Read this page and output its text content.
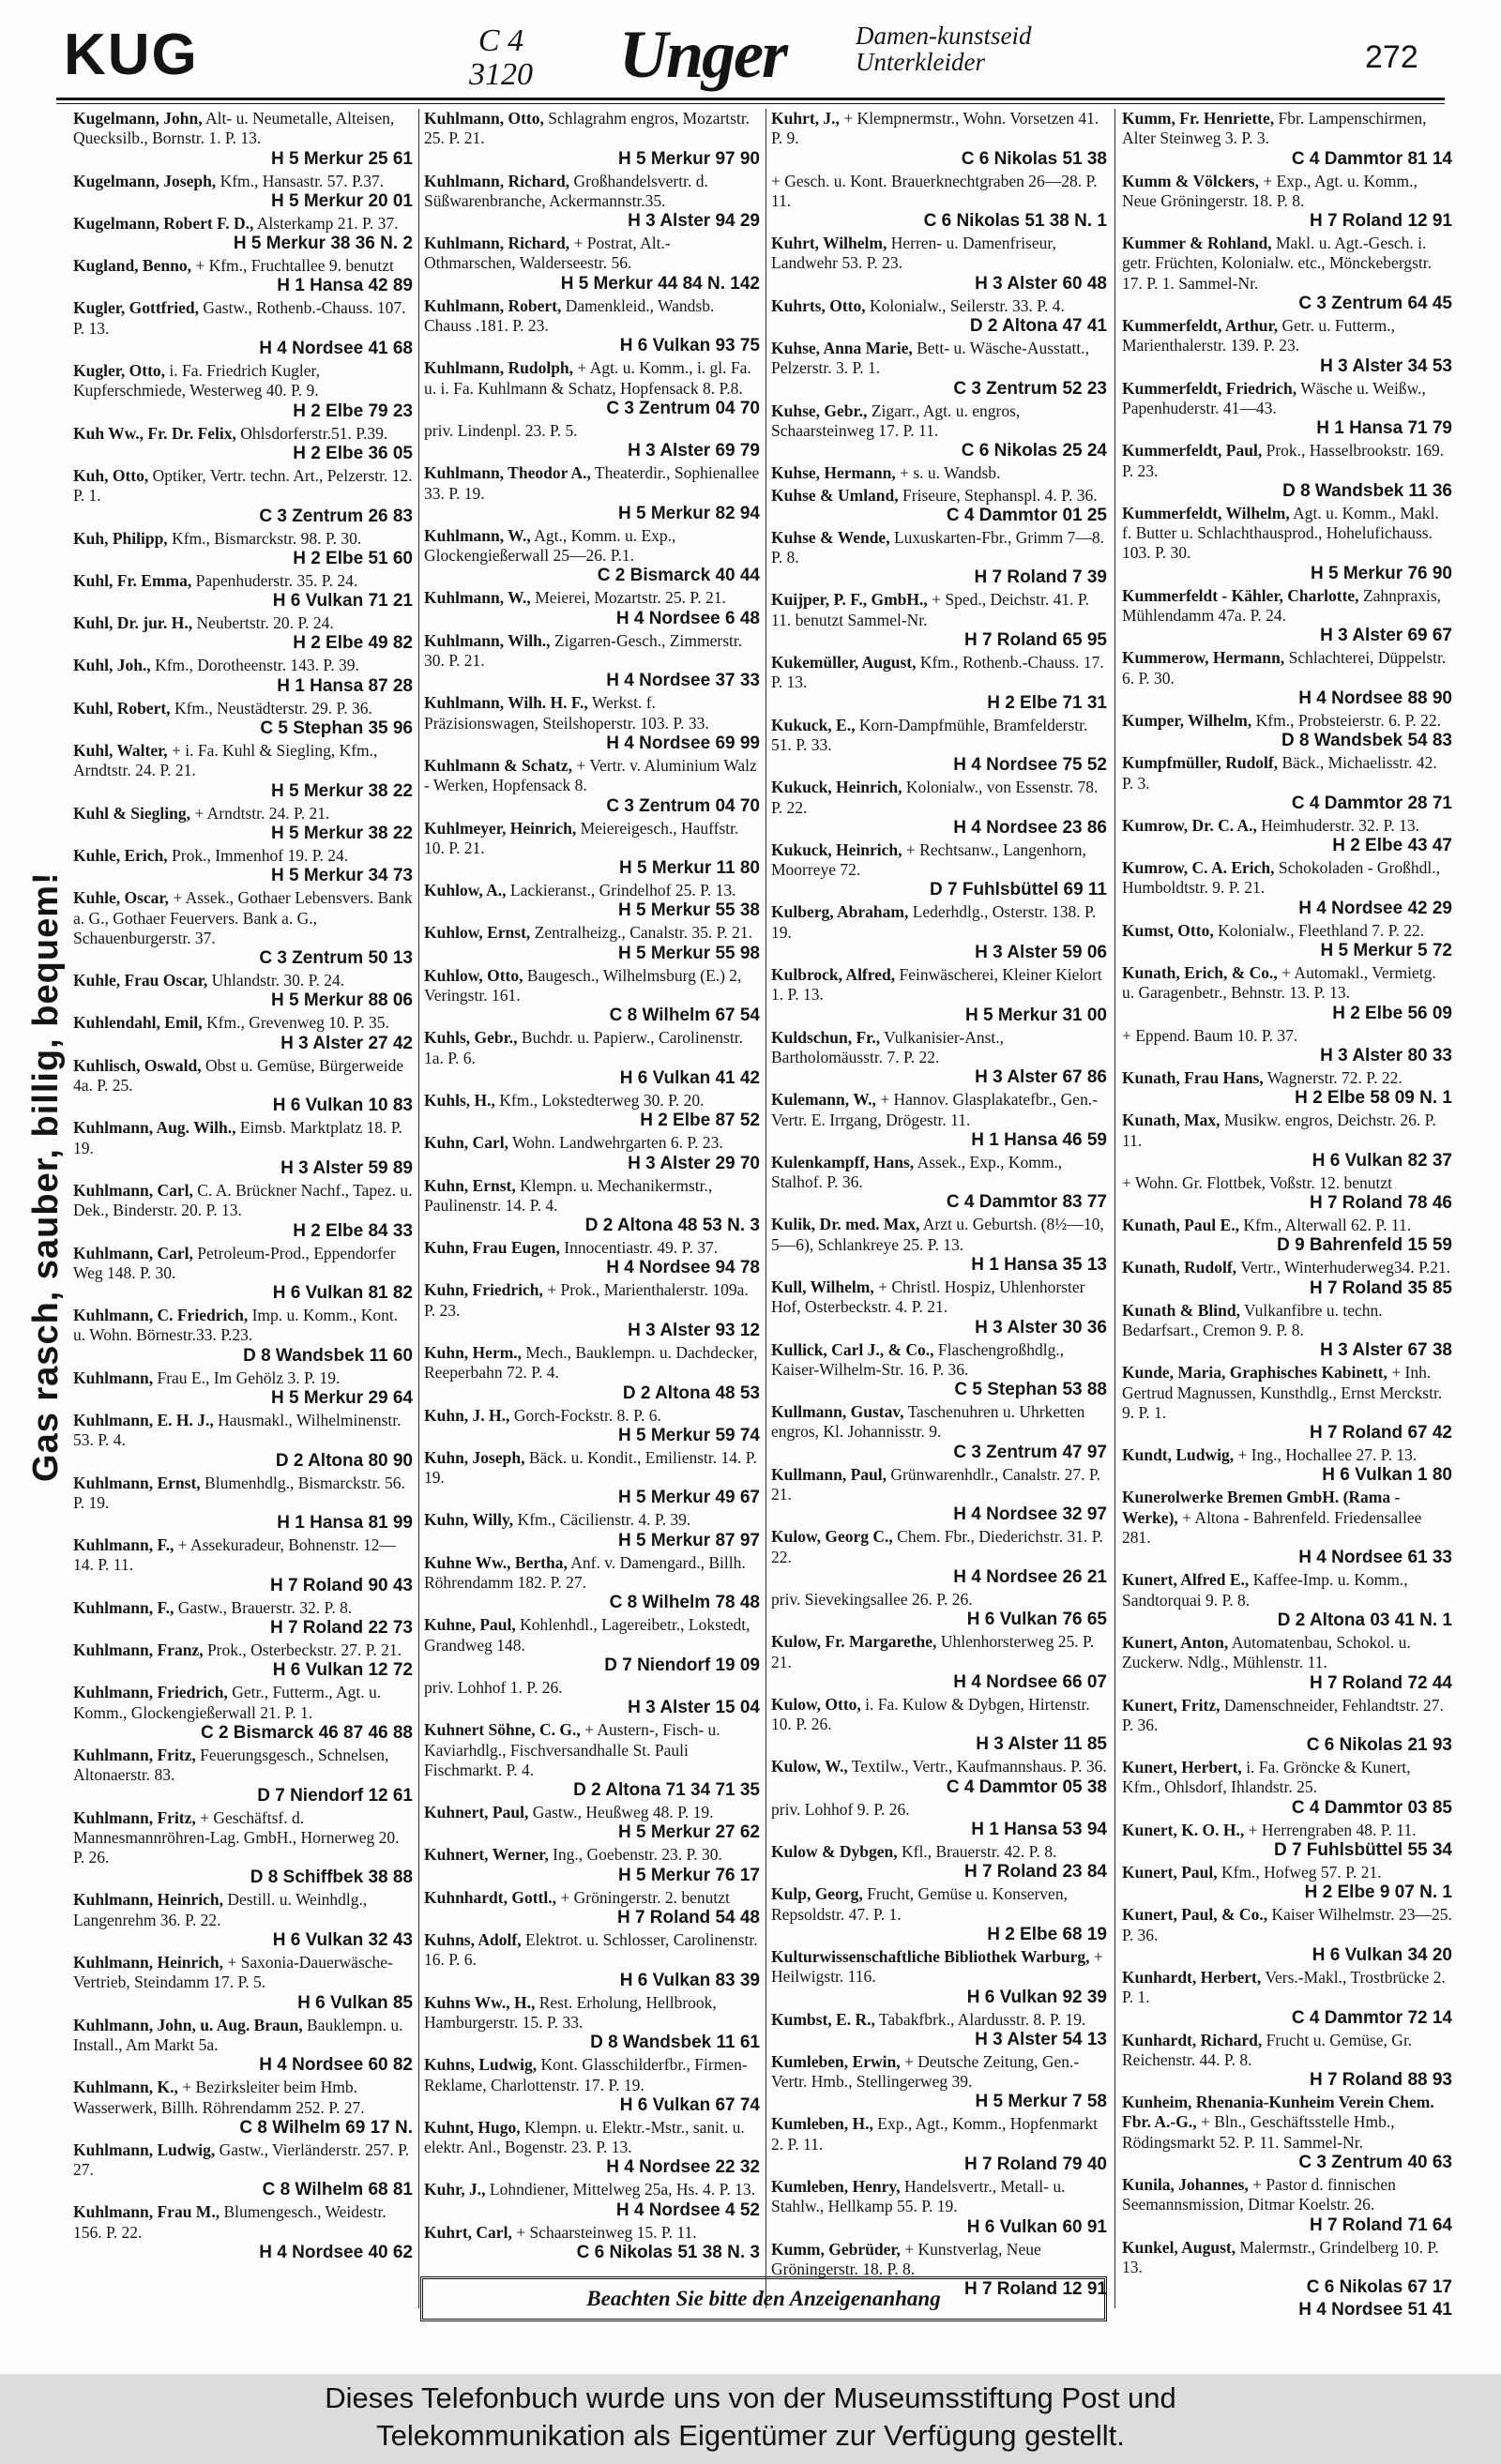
KUG	C 4
3120 Unger	Damen-kunstseid
Unterkleider	272
Gas rasch, sauber, billig, bequem!
Kugelmann, John, Alt- u. Neumetalle, Alteisen, Quecksilb., Bornstr. 1. P. 13.
H 5 Merkur 25 61
Kugelmann, Joseph, Kfm., Hansastr. 57. P.37.
H 5 Merkur 20 01
Kugelmann, Robert F. D., Alsterkamp 21. P. 37.
H 5 Merkur 38 36 N. 2
Kugland, Benno, + Kfm., Fruchtallee 9. benutzt
H 1 Hansa 42 89
Kugler, Gottfried, Gastw., Rothenb.-Chauss. 107. P. 13.
H 4 Nordsee 41 68
Kugler, Otto, i. Fa. Friedrich Kugler, Kupferschmiede, Westerweg 40. P. 9.
H 2 Elbe 79 23
Kuh Ww., Fr. Dr. Felix, Ohlsdorferstr.51. P.39.
H 2 Elbe 36 05
Kuh, Otto, Optiker, Vertr. techn. Art., Pelzerstr. 12. P. 1.
C 3 Zentrum 26 83
Kuh, Philipp, Kfm., Bismarckstr. 98. P. 30.
H 2 Elbe 51 60
Kuhl, Fr. Emma, Papenhuderstr. 35. P. 24.
H 6 Vulkan 71 21
Kuhl, Dr. jur. H., Neubertstr. 20. P. 24.
H 2 Elbe 49 82
Kuhl, Joh., Kfm., Dorotheenstr. 143. P. 39.
H 1 Hansa 87 28
Kuhl, Robert, Kfm., Neustädterstr. 29. P. 36.
C 5 Stephan 35 96
Kuhl, Walter, + i. Fa. Kuhl & Siegling, Kfm., Arndtstr. 24. P. 21.
H 5 Merkur 38 22
Kuhl & Siegling, + Arndtstr. 24. P. 21.
H 5 Merkur 38 22
Kuhle, Erich, Prok., Immenhof 19. P. 24.
H 5 Merkur 34 73
Kuhle, Oscar, + Assek., Gothaer Lebensvers. Bank a. G., Gothaer Feuervers. Bank a. G., Schauenburgerstr. 37.
C 3 Zentrum 50 13
Kuhle, Frau Oscar, Uhlandstr. 30. P. 24.
H 5 Merkur 88 06
Kuhlendahl, Emil, Kfm., Grevenweg 10. P. 35.
H 3 Alster 27 42
Kuhlisch, Oswald, Obst u. Gemüse, Bürgerweide 4a. P. 25.
H 6 Vulkan 10 83
Kuhlmann, Aug. Wilh., Eimsb. Marktplatz 18. P. 19.
H 3 Alster 59 89
Kuhlmann, Carl, C. A. Brückner Nachf., Tapez. u. Dek., Binderstr. 20. P. 13.
H 2 Elbe 84 33
Kuhlmann, Carl, Petroleum-Prod., Eppendorfer Weg 148. P. 30.
H 6 Vulkan 81 82
Kuhlmann, C. Friedrich, Imp. u. Komm., Kont. u. Wohn. Börnestr.33. P.23.
D 8 Wandsbek 11 60
Kuhlmann, Frau E., Im Gehölz 3. P. 19.
H 5 Merkur 29 64
Kuhlmann, E. H. J., Hausmakl., Wilhelminenstr. 53. P. 4.
D 2 Altona 80 90
Kuhlmann, Ernst, Blumenhdlg., Bismarckstr. 56. P. 19.
H 1 Hansa 81 99
Kuhlmann, F., + Assekuradeur, Bohnenstr. 12—14. P. 11.
H 7 Roland 90 43
Kuhlmann, F., Gastw., Brauerstr. 32. P. 8.
H 7 Roland 22 73
Kuhlmann, Franz, Prok., Osterbeckstr. 27. P. 21.
H 6 Vulkan 12 72
Kuhlmann, Friedrich, Getr., Futterm., Agt. u. Komm., Glockengießerwall 21. P. 1.
C 2 Bismarck 46 87 46 88
Kuhlmann, Fritz, Feuerungsgesch., Schnelsen, Altonaerstr. 83.
D 7 Niendorf 12 61
Kuhlmann, Fritz, + Geschäftsf. d. Mannesmannröhren-Lag. GmbH., Hornerweg 20. P. 26.
D 8 Schiffbek 38 88
Kuhlmann, Heinrich, Destill. u. Weinhdlg., Langenrehm 36. P. 22.
H 6 Vulkan 32 43
Kuhlmann, Heinrich, + Saxonia-Dauerwäsche-Vertrieb, Steindamm 17. P. 5.
H 6 Vulkan 85
Kuhlmann, John, u. Aug. Braun, Bauklempn. u. Install., Am Markt 5a.
H 4 Nordsee 60 82
Kuhlmann, K., + Bezirksleiter beim Hmb. Wasserwerk, Billh. Röhrendamm 252. P. 27.
C 8 Wilhelm 69 17 N.
Kuhlmann, Ludwig, Gastw., Vierländerstr. 257. P. 27.
C 8 Wilhelm 68 81
Kuhlmann, Frau M., Blumengesch., Weidestr. 156. P. 22.
H 4 Nordsee 40 62
Kuhlmann, Otto, Schlagrahm engros, Mozartstr. 25. P. 21.
H 5 Merkur 97 90
Kuhlmann, Richard, Großhandelsvertr. d. Süßwarenbranche, Ackermannstr.35.
H 3 Alster 94 29
Kuhlmann, Richard, + Postrat, Alt.-Othmarschen, Walderseestr. 56.
H 5 Merkur 44 84 N. 142
Kuhlmann, Robert, Damenkleid., Wandsb. Chauss .181. P. 23.
H 6 Vulkan 93 75
Kuhlmann, Rudolph, + Agt. u. Komm., i. gl. Fa. u. i. Fa. Kuhlmann & Schatz, Hopfensack 8. P.8.
C 3 Zentrum 04 70
priv. Lindenpl. 23. P. 5.
H 3 Alster 69 79
Kuhlmann, Theodor A., Theaterdir., Sophienallee 33. P. 19.
H 5 Merkur 82 94
Kuhlmann, W., Agt., Komm. u. Exp., Glockengießerwall 25—26. P.1.
C 2 Bismarck 40 44
Kuhlmann, W., Meierei, Mozartstr. 25. P. 21.
H 4 Nordsee 6 48
Kuhlmann, Wilh., Zigarren-Gesch., Zimmerstr. 30. P. 21.
H 4 Nordsee 37 33
Kuhlmann, Wilh. H. F., Werkst. f. Präzisionswagen, Steilshoperstr. 103. P. 33.
H 4 Nordsee 69 99
Kuhlmann & Schatz, + Vertr. v. Aluminium Walz - Werken, Hopfensack 8.
C 3 Zentrum 04 70
Kuhlmeyer, Heinrich, Meiereigesch., Hauffstr. 10. P. 21.
H 5 Merkur 11 80
Kuhlow, A., Lackieranst., Grindelhof 25. P. 13.
H 5 Merkur 55 38
Kuhlow, Ernst, Zentralheizg., Canalstr. 35. P. 21.
H 5 Merkur 55 98
Kuhlow, Otto, Baugesch., Wilhelmsburg (E.) 2, Veringstr. 161.
C 8 Wilhelm 67 54
Kuhls, Gebr., Buchdr. u. Papierw., Carolinenstr. 1a. P. 6.
H 6 Vulkan 41 42
Kuhls, H., Kfm., Lokstedterweg 30. P. 20.
H 2 Elbe 87 52
Kuhn, Carl, Wohn. Landwehrgarten 6. P. 23.
H 3 Alster 29 70
Kuhn, Ernst, Klempn. u. Mechanikermstr., Paulinenstr. 14. P. 4.
D 2 Altona 48 53 N. 3
Kuhn, Frau Eugen, Innocentiastr. 49. P. 37.
H 4 Nordsee 94 78
Kuhn, Friedrich, + Prok., Marienthalerstr. 109a. P. 23.
H 3 Alster 93 12
Kuhn, Herm., Mech., Bauklempn. u. Dachdecker, Reeperbahn 72. P. 4.
D 2 Altona 48 53
Kuhn, J. H., Gorch-Fockstr. 8. P. 6.
H 5 Merkur 59 74
Kuhn, Joseph, Bäck. u. Kondit., Emilienstr. 14. P. 19.
H 5 Merkur 49 67
Kuhn, Willy, Kfm., Cäcilienstr. 4. P. 39.
H 5 Merkur 87 97
Kuhne Ww., Bertha, Anf. v. Damengard., Billh. Röhrendamm 182. P. 27.
C 8 Wilhelm 78 48
Kuhne, Paul, Kohlenhdl., Lagereibetr., Lokstedt, Grandweg 148.
D 7 Niendorf 19 09
priv. Lohhof 1. P. 26.
H 3 Alster 15 04
Kuhnert Söhne, C. G., + Austern-, Fisch- u. Kaviarhdlg., Fischversandhalle St. Pauli Fischmarkt. P. 4.
D 2 Altona 71 34 71 35
Kuhnert, Paul, Gastw., Heußweg 48. P. 19.
H 5 Merkur 27 62
Kuhnert, Werner, Ing., Goebenstr. 23. P. 30.
H 5 Merkur 76 17
Kuhnhardt, Gottl., + Gröningerstr. 2. benutzt
H 7 Roland 54 48
Kuhns, Adolf, Elektrot. u. Schlosser, Carolinenstr. 16. P. 6.
H 6 Vulkan 83 39
Kuhns Ww., H., Rest. Erholung, Hellbrook, Hamburgerstr. 15. P. 33.
D 8 Wandsbek 11 61
Kuhns, Ludwig, Kont. Glasschilderfbr., Firmen-Reklame, Charlottenstr. 17. P. 19.
H 6 Vulkan 67 74
Kuhnt, Hugo, Klempn. u. Elektr.-Mstr., sanit. u. elektr. Anl., Bogenstr. 23. P. 13.
H 4 Nordsee 22 32
Kuhr, J., Lohndiener, Mittelweg 25a, Hs. 4. P. 13.
H 4 Nordsee 4 52
Kuhrt, Carl, + Schaarsteinweg 15. P. 11.
C 6 Nikolas 51 38 N. 3
Kuhrt, J., + Klempnermstr., Wohn. Vorsetzen 41. P. 9.
C 6 Nikolas 51 38
+ Gesch. u. Kont. Brauerknechtgraben 26—28. P. 11.
C 6 Nikolas 51 38 N. 1
Kuhrt, Wilhelm, Herren- u. Damenfriseur, Landwehr 53. P. 23.
H 3 Alster 60 48
Kuhrts, Otto, Kolonialw., Seilerstr. 33. P. 4.
D 2 Altona 47 41
Kuhse, Anna Marie, Bett- u. Wäsche-Ausstatt., Pelzerstr. 3. P. 1.
C 3 Zentrum 52 23
Kuhse, Gebr., Zigarr., Agt. u. engros, Schaarsteinweg 17. P. 11.
C 6 Nikolas 25 24
Kuhse, Hermann, + s. u. Wandsb.
Kuhse & Umland, Friseure, Stephanspl. 4. P. 36.
C 4 Dammtor 01 25
Kuhse & Wende, Luxuskarten-Fbr., Grimm 7—8. P. 8.
H 7 Roland 7 39
Kuijper, P. F., GmbH., + Sped., Deichstr. 41. P. 11. benutzt Sammel-Nr.
H 7 Roland 65 95
Kukemüller, August, Kfm., Rothenb.-Chauss. 17. P. 13.
H 2 Elbe 71 31
Kukuck, E., Korn-Dampfmühle, Bramfelderstr. 51. P. 33.
H 4 Nordsee 75 52
Kukuck, Heinrich, Kolonialw., von Essenstr. 78. P. 22.
H 4 Nordsee 23 86
Kukuck, Heinrich, + Rechtsanw., Langenhorn, Moorreye 72.
D 7 Fuhlsbüttel 69 11
Kulberg, Abraham, Lederhdlg., Osterstr. 138. P. 19.
H 3 Alster 59 06
Kulbrock, Alfred, Feinwäscherei, Kleiner Kielort 1. P. 13.
H 5 Merkur 31 00
Kuldschun, Fr., Vulkanisier-Anst., Bartholomäusstr. 7. P. 22.
H 3 Alster 67 86
Kulemann, W., + Hannov. Glasplakatefbr., Gen.-Vertr. E. Irrgang, Drögestr. 11.
H 1 Hansa 46 59
Kulenkampff, Hans, Assek., Exp., Komm., Stalhof. P. 36.
C 4 Dammtor 83 77
Kulik, Dr. med. Max, Arzt u. Geburtsh. (8½—10, 5—6), Schlankreye 25. P. 13.
H 1 Hansa 35 13
Kull, Wilhelm, + Christl. Hospiz, Uhlenhorster Hof, Osterbeckstr. 4. P. 21.
H 3 Alster 30 36
Kullick, Carl J., & Co., Flaschengroßhdlg., Kaiser-Wilhelm-Str. 16. P. 36.
C 5 Stephan 53 88
Kullmann, Gustav, Taschenuhren u. Uhrketten engros, Kl. Johannisstr. 9.
C 3 Zentrum 47 97
Kullmann, Paul, Grünwarenhdlr., Canalstr. 27. P. 21.
H 4 Nordsee 32 97
Kulow, Georg C., Chem. Fbr., Diederichstr. 31. P. 22.
H 4 Nordsee 26 21
priv. Sievekingsallee 26. P. 26.
H 6 Vulkan 76 65
Kulow, Fr. Margarethe, Uhlenhorsterweg 25. P. 21.
H 4 Nordsee 66 07
Kulow, Otto, i. Fa. Kulow & Dybgen, Hirtenstr. 10. P. 26.
H 3 Alster 11 85
Kulow, W., Textilw., Vertr., Kaufmannshaus. P. 36.
C 4 Dammtor 05 38
priv. Lohhof 9. P. 26.
H 1 Hansa 53 94
Kulow & Dybgen, Kfl., Brauerstr. 42. P. 8.
H 7 Roland 23 84
Kulp, Georg, Frucht, Gemüse u. Konserven, Repsoldstr. 47. P. 1.
H 2 Elbe 68 19
Kulturwissenschaftliche Bibliothek Warburg, + Heilwigstr. 116.
H 6 Vulkan 92 39
Kumbst, E. R., Tabakfbrk., Alardusstr. 8. P. 19.
H 3 Alster 54 13
Kumleben, Erwin, + Deutsche Zeitung, Gen.-Vertr. Hmb., Stellingerweg 39.
H 5 Merkur 7 58
Kumleben, H., Exp., Agt., Komm., Hopfenmarkt 2. P. 11.
H 7 Roland 79 40
Kumleben, Henry, Handelsvertr., Metall- u. Stahlw., Hellkamp 55. P. 19.
H 6 Vulkan 60 91
Kumm, Gebrüder, + Kunstverlag, Neue Gröningerstr. 18. P. 8.
H 7 Roland 12 91
Kumm, Fr. Henriette, Fbr. Lampenschirmen, Alter Steinweg 3. P. 3.
C 4 Dammtor 81 14
Kumm & Völckers, + Exp., Agt. u. Komm., Neue Gröningerstr. 18. P. 8.
H 7 Roland 12 91
Kummer & Rohland, Makl. u. Agt.-Gesch. i. getr. Früchten, Kolonialw. etc., Mönckebergstr. 17. P. 1. Sammel-Nr.
C 3 Zentrum 64 45
Kummerfeldt, Arthur, Getr. u. Futterm., Marienthalerstr. 139. P. 23.
H 3 Alster 34 53
Kummerfeldt, Friedrich, Wäsche u. Weißw., Papenhuderstr. 41—43.
H 1 Hansa 71 79
Kummerfeldt, Paul, Prok., Hasselbrookstr. 169. P. 23.
D 8 Wandsbek 11 36
Kummerfeldt, Wilhelm, Agt. u. Komm., Makl. f. Butter u. Schlachthausprod., Hohelufichauss. 103. P. 30.
H 5 Merkur 76 90
Kummerfeldt - Kähler, Charlotte, Zahnpraxis, Mühlendamm 47a. P. 24.
H 3 Alster 69 67
Kummerow, Hermann, Schlachterei, Düppelstr. 6. P. 30.
H 4 Nordsee 88 90
Kumper, Wilhelm, Kfm., Probsteierstr. 6. P. 22.
D 8 Wandsbek 54 83
Kumpfmüller, Rudolf, Bäck., Michaelisstr. 42. P. 3.
C 4 Dammtor 28 71
Kumrow, Dr. C. A., Heimhuderstr. 32. P. 13.
H 2 Elbe 43 47
Kumrow, C. A. Erich, Schokoladen - Großhdl., Humboldtstr. 9. P. 21.
H 4 Nordsee 42 29
Kumst, Otto, Kolonialw., Fleethland 7. P. 22.
H 5 Merkur 5 72
Kunath, Erich, & Co., + Automakl., Vermietg. u. Garagenbetr., Behnstr. 13. P. 13.
H 2 Elbe 56 09
+ Eppend. Baum 10. P. 37.
H 3 Alster 80 33
Kunath, Frau Hans, Wagnerstr. 72. P. 22.
H 2 Elbe 58 09 N. 1
Kunath, Max, Musikw. engros, Deichstr. 26. P. 11.
H 6 Vulkan 82 37
+ Wohn. Gr. Flottbek, Voßstr. 12. benutzt
H 7 Roland 78 46
Kunath, Paul E., Kfm., Alterwall 62. P. 11.
D 9 Bahrenfeld 15 59
Kunath, Rudolf, Vertr., Winterhuderweg34. P.21.
H 7 Roland 35 85
Kunath & Blind, Vulkanfibre u. techn. Bedarfsart., Cremon 9. P. 8.
H 3 Alster 67 38
Kunde, Maria, Graphisches Kabinett, + Inh. Gertrud Magnussen, Kunsthdlg., Ernst Merckstr. 9. P. 1.
H 7 Roland 67 42
Kundt, Ludwig, + Ing., Hochallee 27. P. 13.
H 6 Vulkan 1 80
Kunerolwerke Bremen GmbH. (Rama - Werke), + Altona - Bahrenfeld. Friedensallee 281.
H 4 Nordsee 61 33
Kunert, Alfred E., Kaffee-Imp. u. Komm., Sandtorquai 9. P. 8.
D 2 Altona 03 41 N. 1
Kunert, Anton, Automatenbau, Schokol. u. Zuckerw. Ndlg., Mühlenstr. 11.
H 7 Roland 72 44
Kunert, Fritz, Damenschneider, Fehlandtstr. 27. P. 36.
C 6 Nikolas 21 93
Kunert, Herbert, i. Fa. Gröncke & Kunert, Kfm., Ohlsdorf, Ihlandstr. 25.
C 4 Dammtor 03 85
Kunert, K. O. H., + Herrengraben 48. P. 11.
D 7 Fuhlsbüttel 55 34
Kunert, Paul, Kfm., Hofweg 57. P. 21.
H 2 Elbe 9 07 N. 1
Kunert, Paul, & Co., Kaiser Wilhelmstr. 23—25. P. 36.
H 6 Vulkan 34 20
Kunhardt, Herbert, Vers.-Makl., Trostbrücke 2. P. 1.
C 4 Dammtor 72 14
Kunhardt, Richard, Frucht u. Gemüse, Gr. Reichenstr. 44. P. 8.
H 7 Roland 88 93
Kunheim, Rhenania-Kunheim Verein Chem. Fbr. A.-G., + Bln., Geschäftsstelle Hmb., Rödingsmarkt 52. P. 11. Sammel-Nr.
C 3 Zentrum 40 63
Kunila, Johannes, + Pastor d. finnischen Seemannsmission, Ditmar Koelstr. 26.
H 7 Roland 71 64
Kunkel, August, Malermstr., Grindelberg 10. P. 13.
C 6 Nikolas 67 17
H 4 Nordsee 51 41
Beachten Sie bitte den Anzeigenanhang
Dieses Telefonbuch wurde uns von der Museumsstiftung Post und
Telekommunikation als Eigentümer zur Verfügung gestellt.
